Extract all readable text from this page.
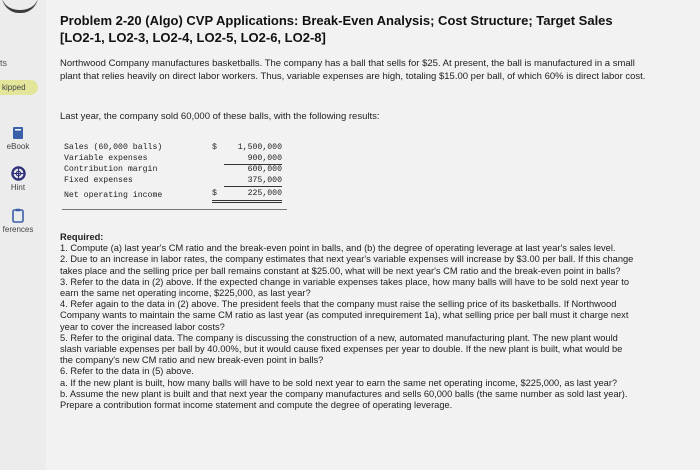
ts
kipped
eBook
Hint
ferences
Problem 2-20 (Algo) CVP Applications: Break-Even Analysis; Cost Structure; Target Sales [LO2-1, LO2-3, LO2-4, LO2-5, LO2-6, LO2-8]
Northwood Company manufactures basketballs. The company has a ball that sells for $25. At present, the ball is manufactured in a small plant that relies heavily on direct labor workers. Thus, variable expenses are high, totaling $15.00 per ball, of which 60% is direct labor cost.
Last year, the company sold 60,000 of these balls, with the following results:
Sales (60,000 balls)	$	1,500,000
Variable expenses		900,000
Contribution margin		600,000
Fixed expenses		375,000
Net operating income	$	225,000

Required:

1. Compute (a) last year's CM ratio and the break-even point in balls, and (b) the degree of operating leverage at last year's sales level.

2. Due to an increase in labor rates, the company estimates that next year's variable expenses will increase by $3.00 per ball. If this change takes place and the selling price per ball remains constant at $25.00, what will be next year's CM ratio and the break-even point in balls?

3. Refer to the data in (2) above. If the expected change in variable expenses takes place, how many balls will have to be sold next year to earn the same net operating income, $225,000, as last year?

4. Refer again to the data in (2) above. The president feels that the company must raise the selling price of its basketballs. If Northwood Company wants to maintain the same CM ratio as last year (as computed inrequirement 1a), what selling price per ball must it charge next year to cover the increased labor costs?

5. Refer to the original data. The company is discussing the construction of a new, automated manufacturing plant. The new plant would slash variable expenses per ball by 40.00%, but it would cause fixed expenses per year to double. If the new plant is built, what would be the company's new CM ratio and new break-even point in balls?

6. Refer to the data in (5) above.

a. If the new plant is built, how many balls will have to be sold next year to earn the same net operating income, $225,000, as last year?

b. Assume the new plant is built and that next year the company manufactures and sells 60,000 balls (the same number as sold last year). Prepare a contribution format income statement and compute the degree of operating leverage.
